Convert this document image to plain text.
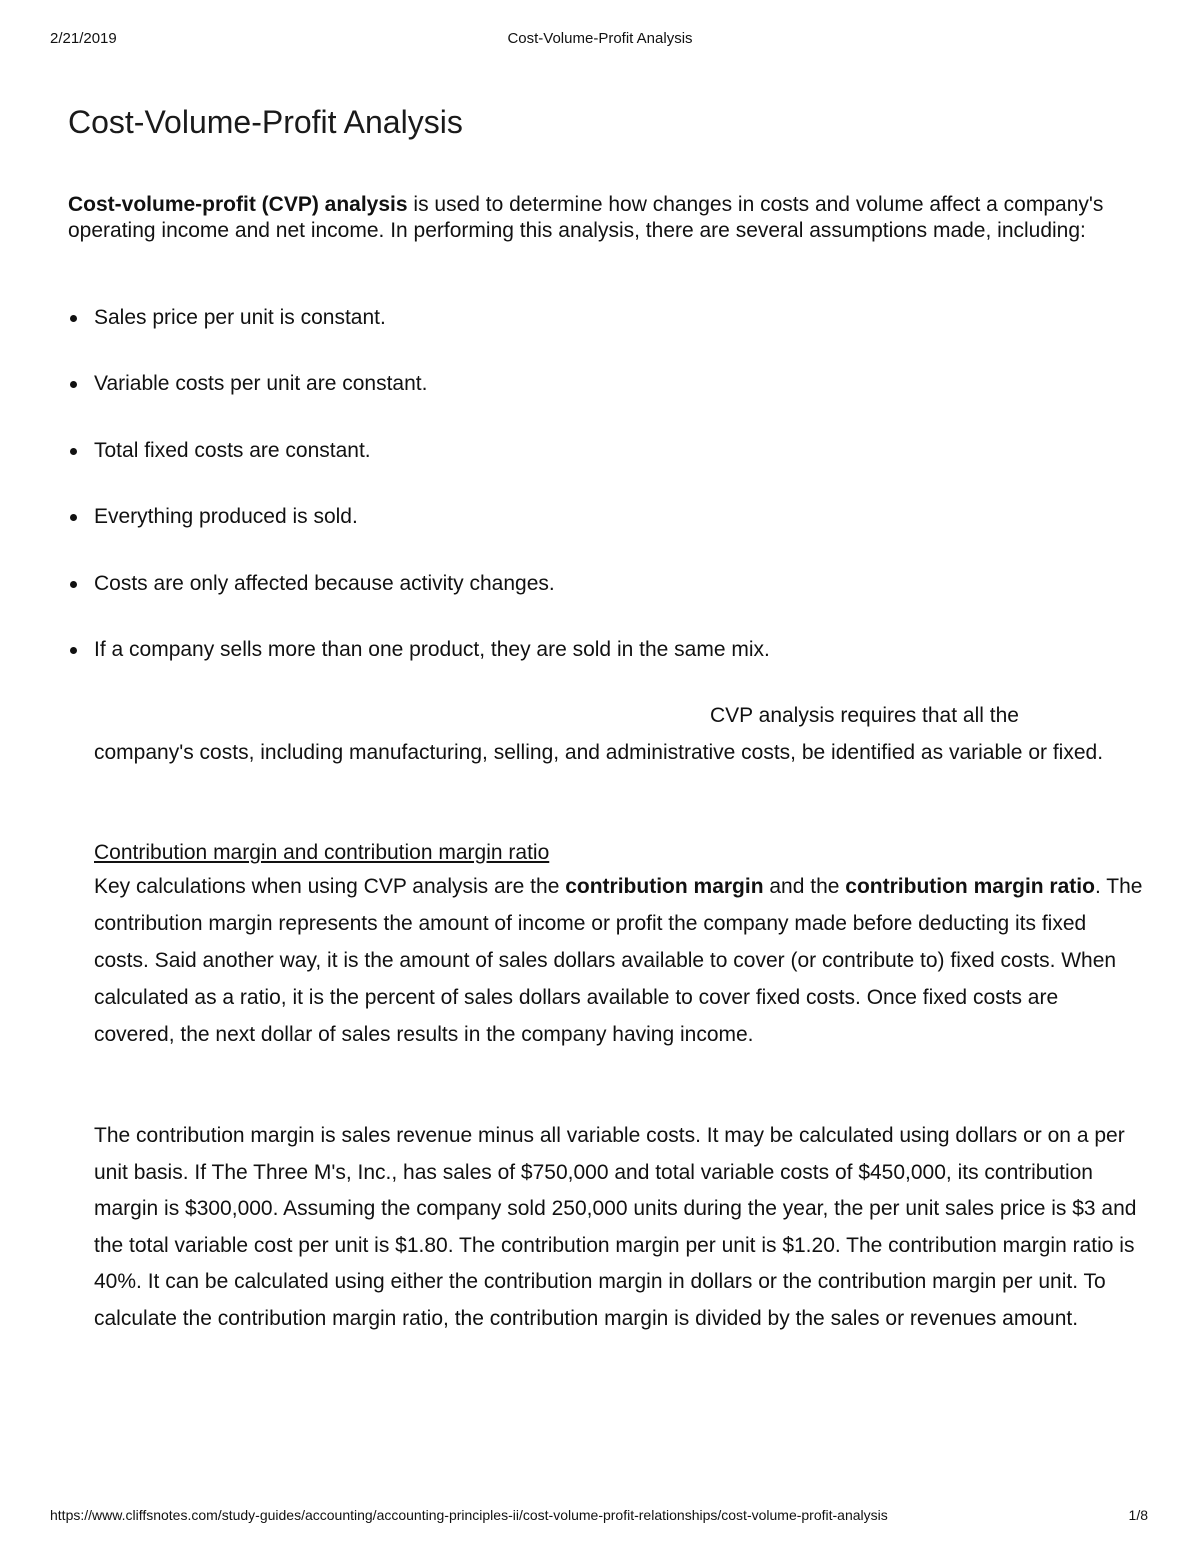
2/21/2019	Cost-Volume-Profit Analysis
Cost-Volume-Profit Analysis

Cost-volume-profit (CVP) analysis is used to determine how changes in costs and volume affect a company's operating income and net income. In performing this analysis, there are several assumptions made, including:

Sales price per unit is constant.
Variable costs per unit are constant.
Total fixed costs are constant.
Everything produced is sold.
Costs are only affected because activity changes.
If a company sells more than one product, they are sold in the same mix.

CVP analysis requires that all the
company's costs, including manufacturing, selling, and administrative costs, be identified as variable or fixed.

Contribution margin and contribution margin ratio
Key calculations when using CVP analysis are the contribution margin and the contribution margin ratio. The contribution margin represents the amount of income or profit the company made before deducting its fixed costs. Said another way, it is the amount of sales dollars available to cover (or contribute to) fixed costs. When calculated as a ratio, it is the percent of sales dollars available to cover fixed costs. Once fixed costs are covered, the next dollar of sales results in the company having income.

The contribution margin is sales revenue minus all variable costs. It may be calculated using dollars or on a per unit basis. If The Three M's, Inc., has sales of $750,000 and total variable costs of $450,000, its contribution margin is $300,000. Assuming the company sold 250,000 units during the year, the per unit sales price is $3 and the total variable cost per unit is $1.80. The contribution margin per unit is $1.20. The contribution margin ratio is 40%. It can be calculated using either the contribution margin in dollars or the contribution margin per unit. To calculate the contribution margin ratio, the contribution margin is divided by the sales or revenues amount.

https://www.cliffsnotes.com/study-guides/accounting/accounting-principles-ii/cost-volume-profit-relationships/cost-volume-profit-analysis	1/8
